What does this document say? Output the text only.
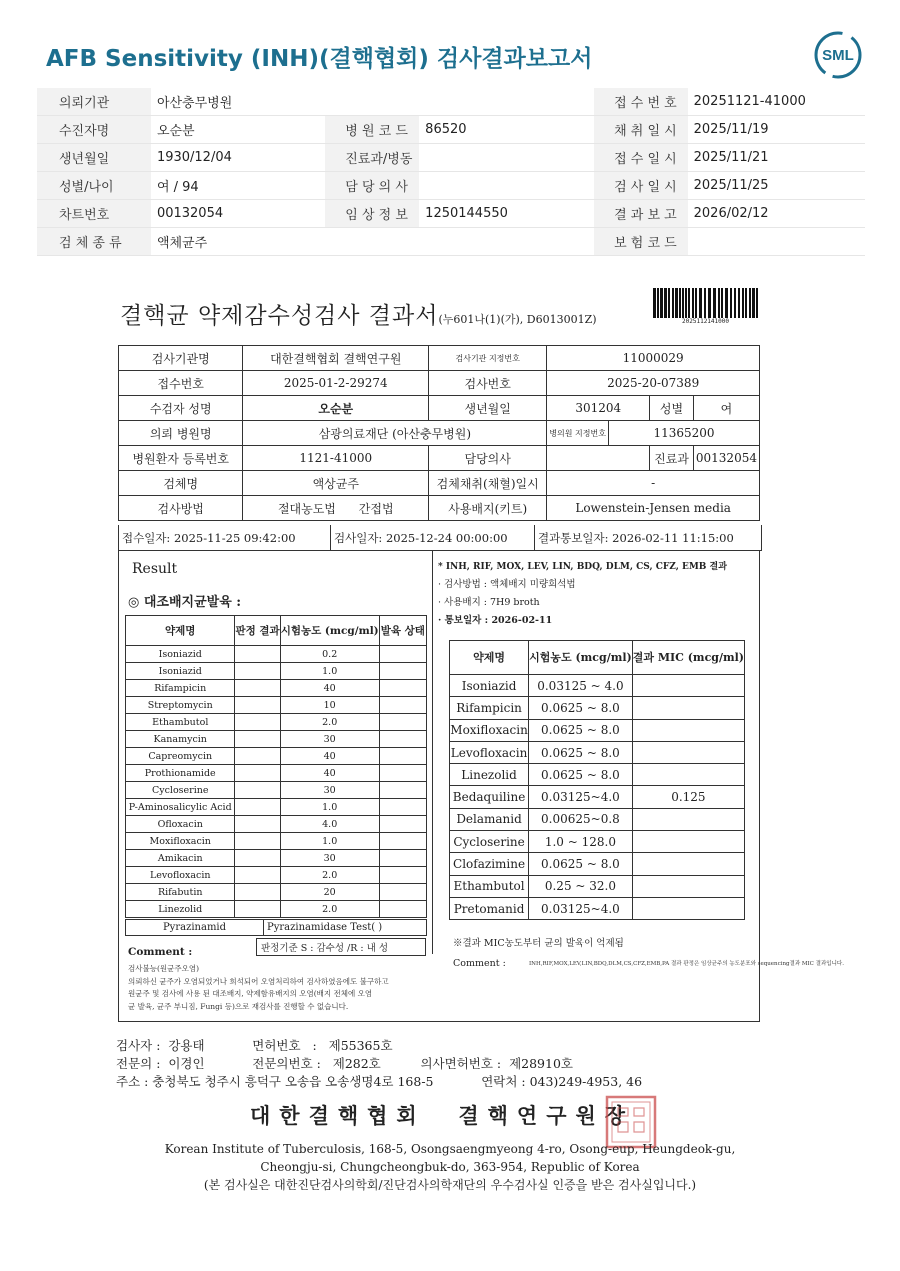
AFB Sensitivity (INH)(결핵협회) 검사결과보고서	SML
의뢰기관	아산충무병원			접 수 번 호	20251121-41000
수진자명	오순분	병 원 코 드	86520	채 취 일 시	2025/11/19
생년월일	1930/12/04	진료과/병동		접 수 일 시	2025/11/21
성별/나이	여 / 94	담 당 의 사		검 사 일 시	2025/11/25
차트번호	00132054	임 상 정 보	1250144550	결 과 보 고	2026/02/12
검 체 종 류	액체균주			보 험 코 드	
결핵균 약제감수성검사 결과서(누601나(1)(가), D6013001Z)	2025112141000
검사기관명	대한결핵협회 결핵연구원	검사기관 지정번호	11000029			
접수번호	2025-01-2-29274	검사번호	2025-20-07389			
수검자 성명	오순분	생년월일	301204		성별	여
의뢰 병원명	삼광의료재단 (아산충무병원)		병의원 지정번호	11365200		
병원환자 등록번호	1121-41000	담당의사			진료과	00132054
검체명	액상균주	검체채취(채혈)일시	-			
검사방법	절대농도법 간접법	사용배지(키트)	Lowenstein-Jensen media			
접수일자: 2025-11-25 09:42:00	검사일자: 2025-12-24 00:00:00	결과통보일자: 2026-02-11 11:15:00
Result
◎ 대조배지균발육 :
약제명	판정 결과	시험농도 (mcg/ml)	발육 상태
Isoniazid		0.2	
Isoniazid		1.0	
Rifampicin		40	
Streptomycin		10	
Ethambutol		2.0	
Kanamycin		30	
Capreomycin		40	
Prothionamide		40	
Cycloserine		30	
P-Aminosalicylic Acid		1.0	
Ofloxacin		4.0	
Moxifloxacin		1.0	
Amikacin		30	
Levofloxacin		2.0	
Rifabutin		20	
Linezolid		2.0	
Pyrazinamid	Pyrazinamidase Test( )
판정기준 S : 감수성 /R : 내 성
Comment :
검사불능(원균주오염)
의뢰하신 균주가 오염되었거나 희석되어 오염처리하여 검사하였음에도 불구하고
원균주 및 검사에 사용 된 대조배지, 약제함유배지의 오염(배지 전체에 오염
균 발육, 균주 부니짐, Fungi 등)으로 재검사를 진행할 수 없습니다.
* INH, RIF, MOX, LEV, LIN, BDQ, DLM, CS, CFZ, EMB 결과
· 검사방법 : 액체배지 미량희석법
· 사용배지 : 7H9 broth
· 통보일자 : 2026-02-11
약제명	시험농도 (mcg/ml)	결과 MIC (mcg/ml)
Isoniazid	0.03125 ~ 4.0	
Rifampicin	0.0625 ~ 8.0	
Moxifloxacin	0.0625 ~ 8.0	
Levofloxacin	0.0625 ~ 8.0	
Linezolid	0.0625 ~ 8.0	
Bedaquiline	0.03125~4.0	0.125
Delamanid	0.00625~0.8	
Cycloserine	1.0 ~ 128.0	
Clofazimine	0.0625 ~ 8.0	
Ethambutol	0.25 ~ 32.0	
Pretomanid	0.03125~4.0	
※결과 MIC농도부터 균의 발육이 억제됨
Comment :	INH,RIF,MOX,LEV,LIN,BDQ,DLM,CS,CFZ,EMB,PA 결과 판정은 임상균주의 농도분포와 sequencing결과 MIC 결과입니다.
검사자 :  강용태            면허번호   :   제55365호
전문의 :  이경인            전문의번호 :   제282호          의사면허번호 :  제28910호
주소 : 충청북도 청주시 흥덕구 오송읍 오송생명4로 168-5            연락처 : 043)249-4953, 46
대한결핵협회  결핵연구원장
Korean Institute of Tuberculosis, 168-5, Osongsaengmyeong 4-ro, Osong-eup, Heungdeok-gu,
Cheongju-si, Chungcheongbuk-do, 363-954, Republic of Korea
(본 검사실은 대한진단검사의학회/진단검사의학재단의 우수검사실 인증을 받은 검사실입니다.)
